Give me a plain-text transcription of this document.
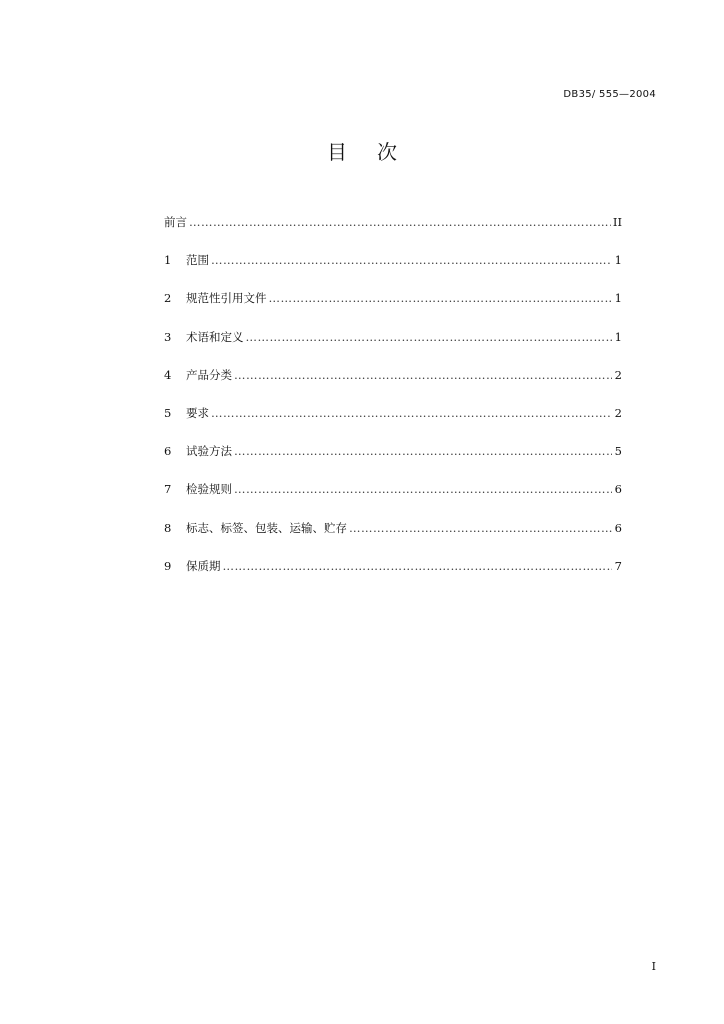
DB35/ 555—2004
目 次
前言 ………………………………………………………………………………………………………………………………………………………………………………………………………………	II
1	范围 ………………………………………………………………………………………………………………………………………………………………………………………………………………	1
2	规范性引用文件 ………………………………………………………………………………………………………………………………………………………………………………………………………………	1
3	术语和定义 ………………………………………………………………………………………………………………………………………………………………………………………………………………	1
4	产品分类 ………………………………………………………………………………………………………………………………………………………………………………………………………………	2
5	要求 ………………………………………………………………………………………………………………………………………………………………………………………………………………	2
6	试验方法 ………………………………………………………………………………………………………………………………………………………………………………………………………………	5
7	检验规则 ………………………………………………………………………………………………………………………………………………………………………………………………………………	6
8	标志、标签、包装、运输、贮存 ………………………………………………………………………………………………………………………………………………………………………………………………………………	6
9	保质期 ………………………………………………………………………………………………………………………………………………………………………………………………………………	7
I
